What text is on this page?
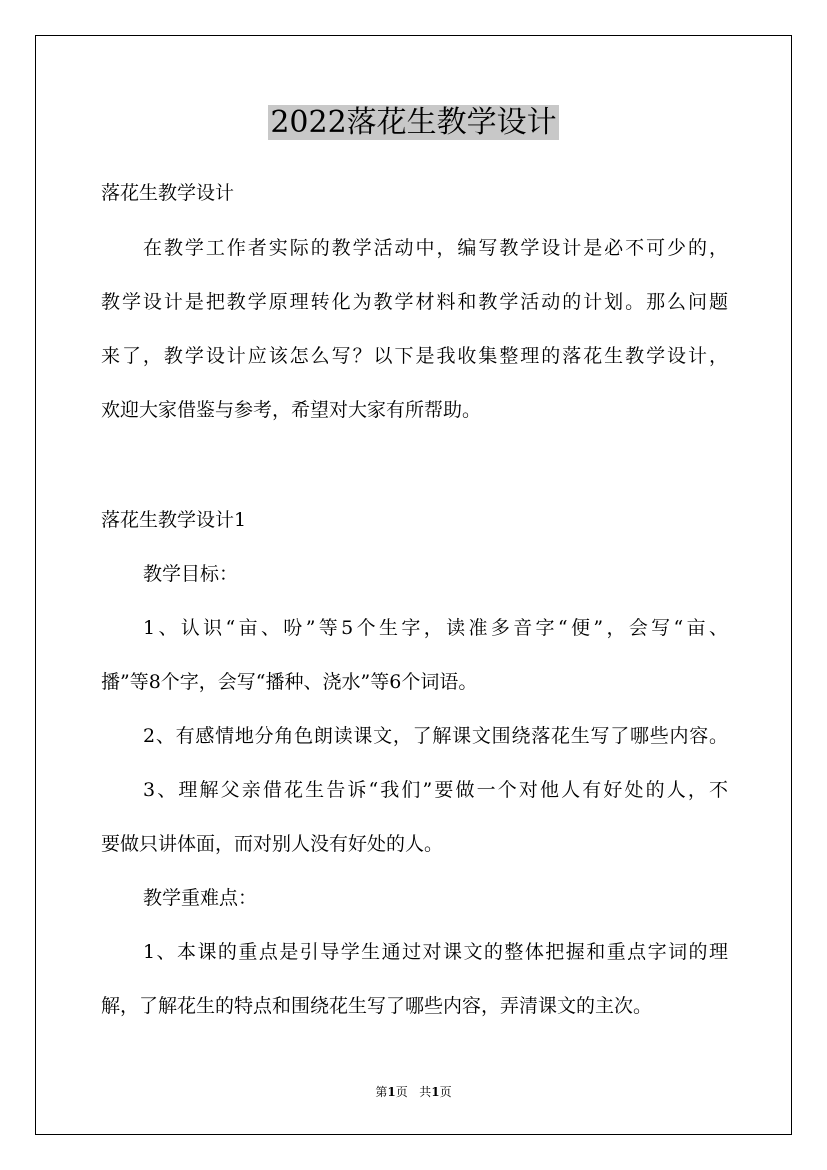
2022落花生教学设计
落花生教学设计
在教学工作者实际的教学活动中，编写教学设计是必不可少的，
教学设计是把教学原理转化为教学材料和教学活动的计划。那么问题
来了，教学设计应该怎么写？以下是我收集整理的落花生教学设计，
欢迎大家借鉴与参考，希望对大家有所帮助。
落花生教学设计1
教学目标：
1、认识“亩、吩”等5个生字，读准多音字“便”，会写“亩、
播”等8个字，会写“播种、浇水”等6个词语。
2、有感情地分角色朗读课文，了解课文围绕落花生写了哪些内容。
3、理解父亲借花生告诉“我们”要做一个对他人有好处的人，不
要做只讲体面，而对别人没有好处的人。
教学重难点：
1、本课的重点是引导学生通过对课文的整体把握和重点字词的理
解，了解花生的特点和围绕花生写了哪些内容，弄清课文的主次。
第1页 共1页
